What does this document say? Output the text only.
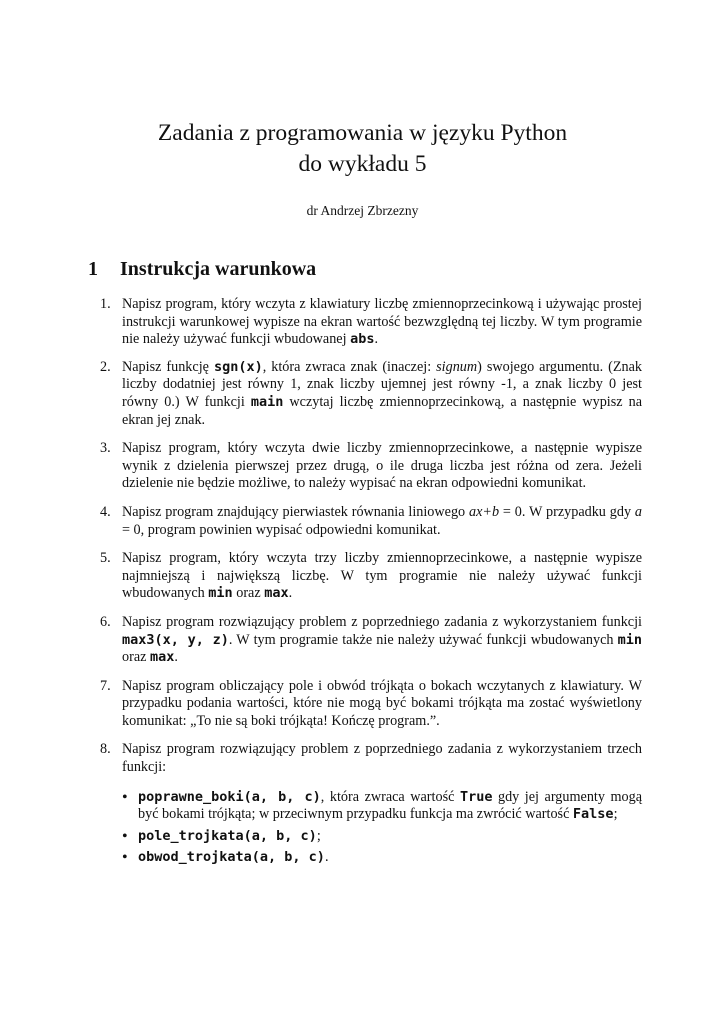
Zadania z programowania w języku Python
do wykładu 5
dr Andrzej Zbrzezny
1 Instrukcja warunkowa
1. Napisz program, który wczyta z klawiatury liczbę zmiennoprzecinkową i używając prostej instrukcji warunkowej wypisze na ekran wartość bezwzględną tej liczby. W tym programie nie należy używać funkcji wbudowanej abs.
2. Napisz funkcję sgn(x), która zwraca znak (inaczej: signum) swojego argumentu. (Znak liczby dodatniej jest równy 1, znak liczby ujemnej jest równy -1, a znak liczby 0 jest równy 0.) W funkcji main wczytaj liczbę zmiennoprzecinkową, a następnie wypisz na ekran jej znak.
3. Napisz program, który wczyta dwie liczby zmiennoprzecinkowe, a następnie wypisze wynik z dzielenia pierwszej przez drugą, o ile druga liczba jest różna od zera. Jeżeli dzielenie nie będzie możliwe, to należy wypisać na ekran odpowiedni komunikat.
4. Napisz program znajdujący pierwiastek równania liniowego ax+b = 0. W przypadku gdy a = 0, program powinien wypisać odpowiedni komunikat.
5. Napisz program, który wczyta trzy liczby zmiennoprzecinkowe, a następnie wypisze najmniejszą i największą liczbę. W tym programie nie należy używać funkcji wbudowanych min oraz max.
6. Napisz program rozwiązujący problem z poprzedniego zadania z wykorzystaniem funkcji max3(x, y, z). W tym programie także nie należy używać funkcji wbudowanych min oraz max.
7. Napisz program obliczający pole i obwód trójkąta o bokach wczytanych z klawiatury. W przypadku podania wartości, które nie mogą być bokami trójkąta ma zostać wyświetlony komunikat: „To nie są boki trójkąta! Kończę program.”.
8. Napisz program rozwiązujący problem z poprzedniego zadania z wykorzystaniem trzech funkcji:
• poprawne_boki(a, b, c), która zwraca wartość True gdy jej argumenty mogą być bokami trójkąta; w przeciwnym przypadku funkcja ma zwrócić wartość False;
• pole_trojkata(a, b, c);
• obwod_trojkata(a, b, c).
